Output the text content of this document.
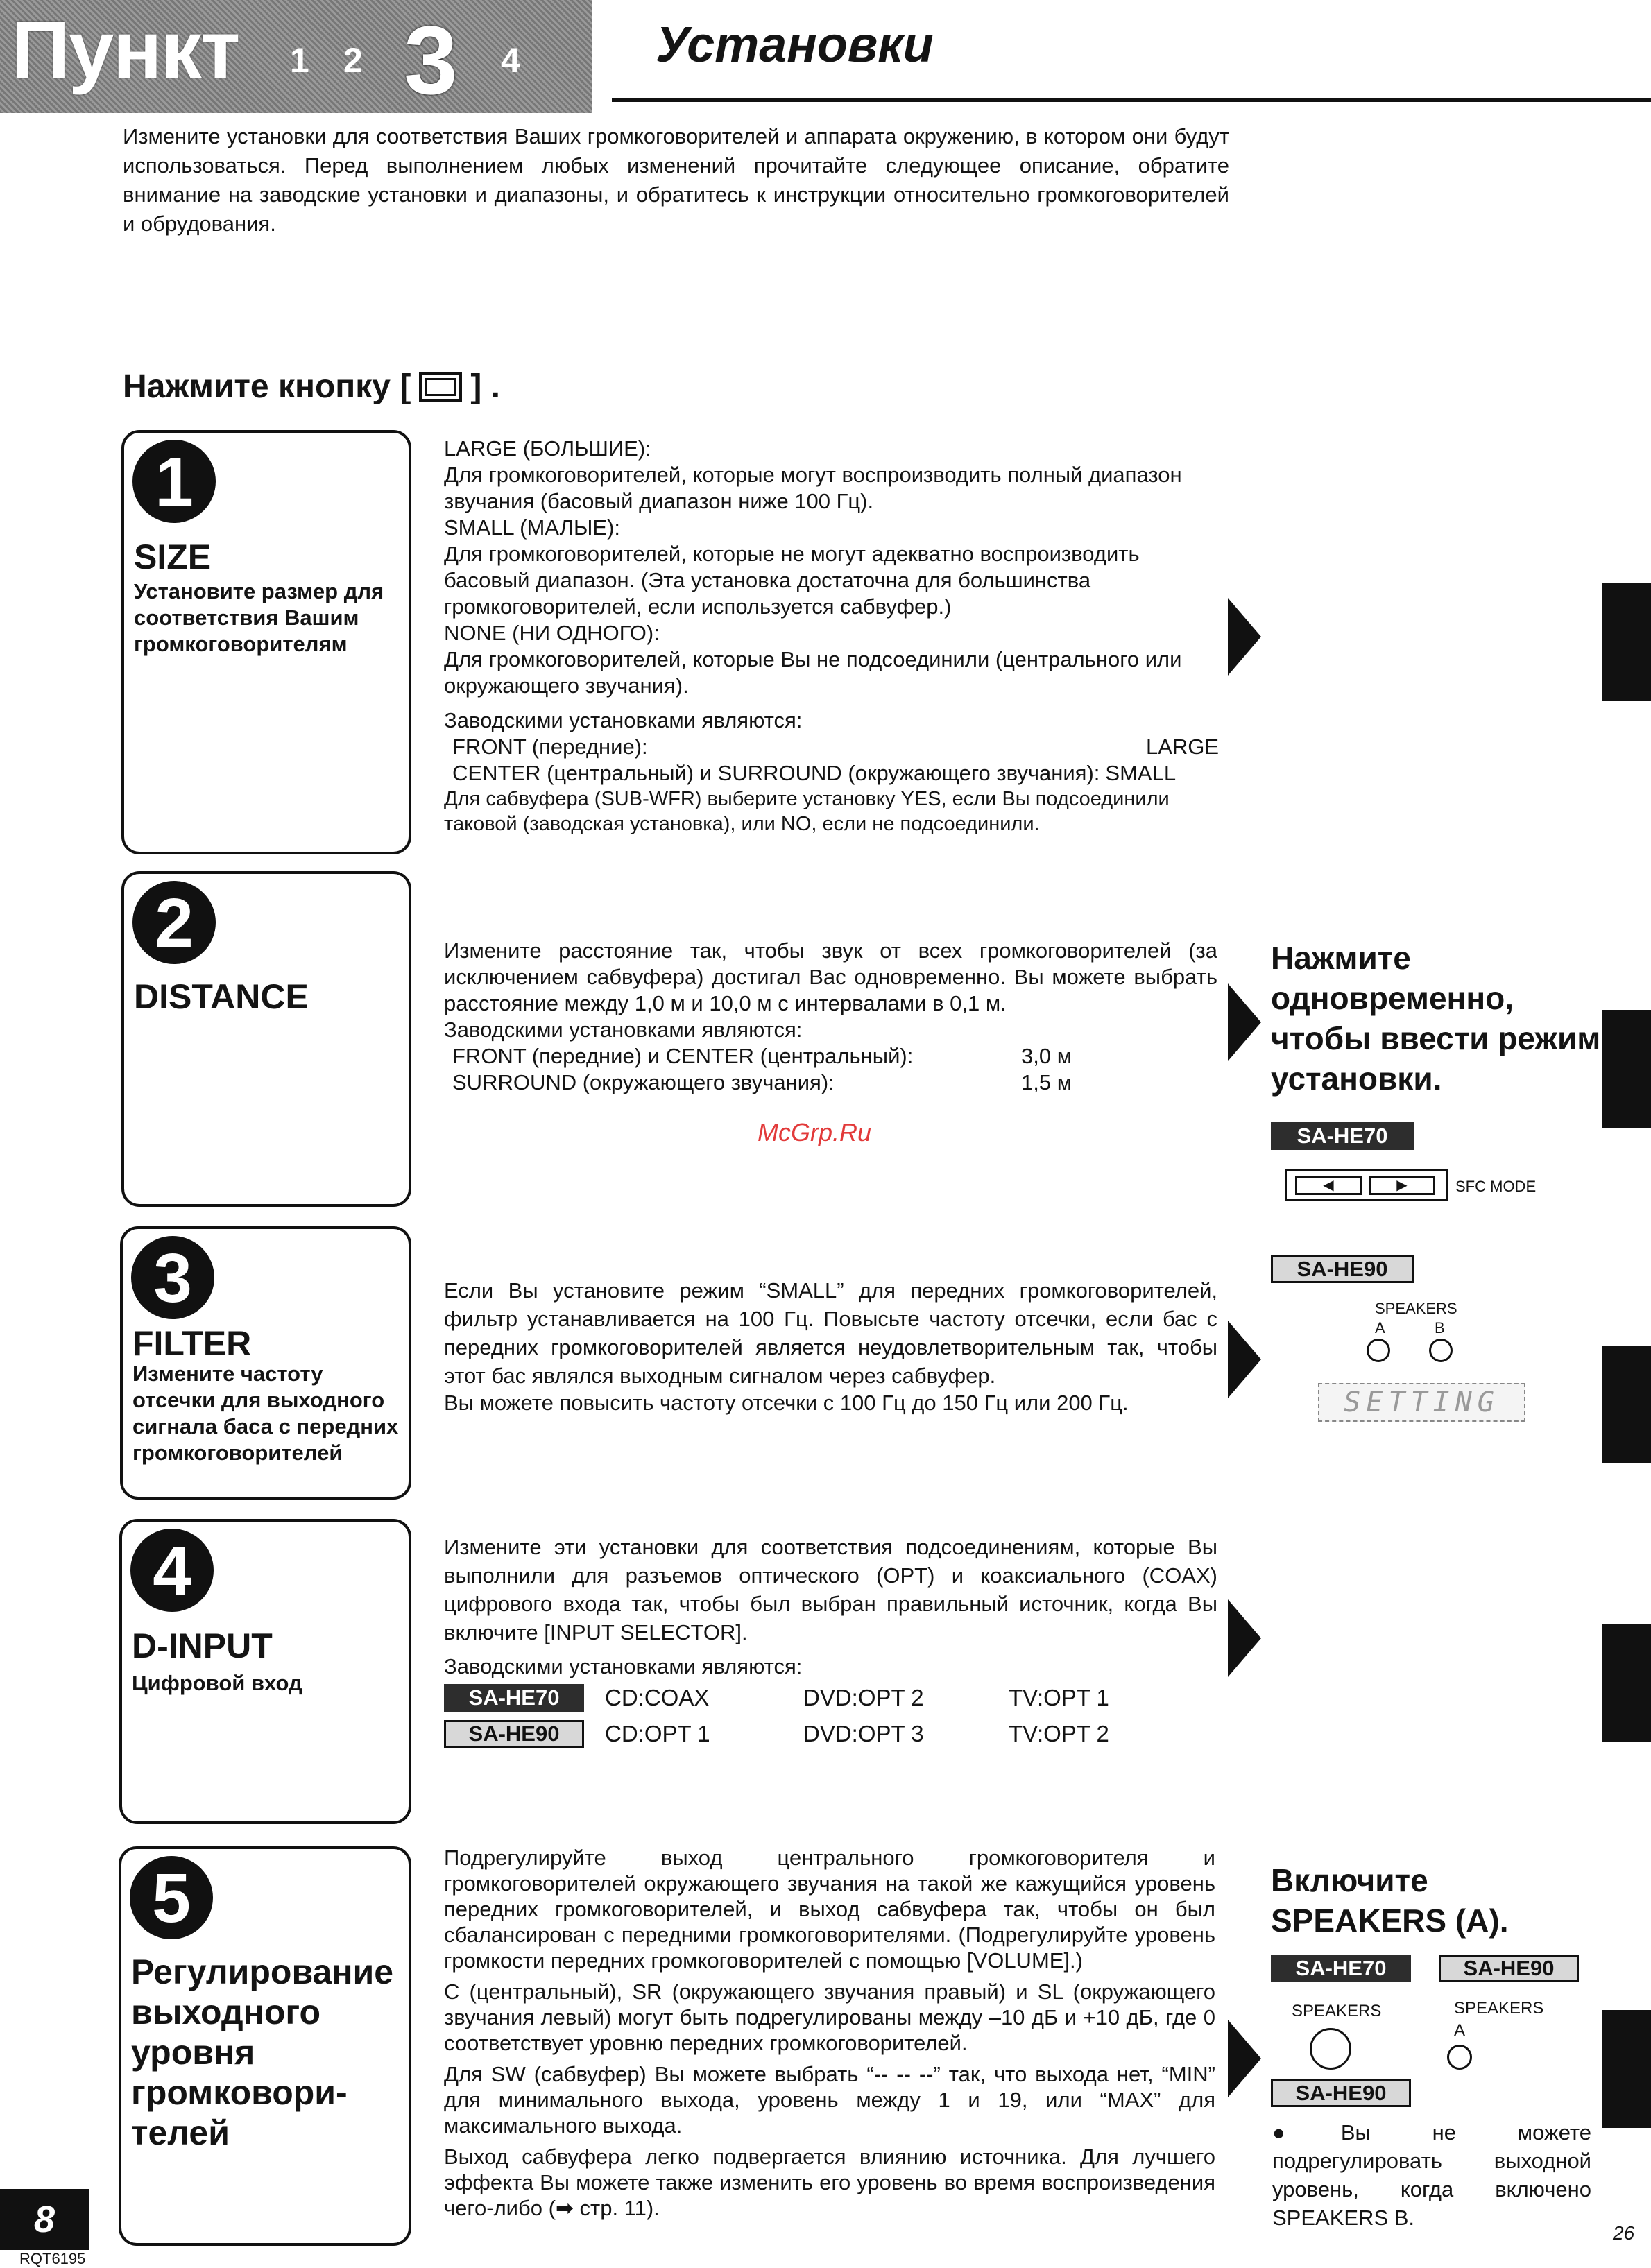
Пункт 1 2 3 4	Установки
Измените установки для соответствия Ваших громкоговорителей и аппарата окружению, в котором они будут использоваться. Перед выполнением любых изменений прочитайте следующее описание, обратите внимание на заводские установки и диапазоны, и обратитесь к инструкции относительно громкоговорителей и обрудования.
Нажмите кнопку [ ] .
1
SIZE
Установите размер для соответствия Вашим громкоговорителям
LARGE (БОЛЬШИЕ):
Для громкоговорителей, которые могут воспроизводить полный диапазон звучания (басовый диапазон ниже 100 Гц).
SMALL (МАЛЫЕ):
Для громкоговорителей, которые не могут адекватно воспроизводить басовый диапазон. (Эта установка достаточна для большинства громкоговорителей, если используется сабвуфер.)
NONE (НИ ОДНОГО):
Для громкоговорителей, которые Вы не подсоединили (центрального или окружающего звучания).
Заводскими установками являются:
FRONT (передние):	LARGE
CENTER (центральный) и SURROUND (окружающего звучания): SMALL
Для сабвуфера (SUB-WFR) выберите установку YES, если Вы подсоединили таковой (заводская установка), или NO, если не подсоединили.
2
DISTANCE
Измените расстояние так, чтобы звук от всех громкоговорителей (за исключением сабвуфера) достигал Вас одновременно. Вы можете выбрать расстояние между 1,0 м и 10,0 м с интервалами в 0,1 м.
Заводскими установками являются:
FRONT (передние) и CENTER (центральный):	3,0 м
SURROUND (окружающего звучания):	1,5 м
McGrp.Ru
Нажмите одновременно, чтобы ввести режим установки.
SA-HE70
◀	▶	SFC MODE
SA-HE90
SPEAKERS
A	B
SETTING
3
FILTER
Измените частоту отсечки для выходного сигнала баса с передних громкоговорителей
Если Вы установите режим “SMALL” для передних громкоговорителей, фильтр устанавливается на 100 Гц. Повысьте частоту отсечки, если бас с передних громкоговорителей является неудовлетворительным так, чтобы этот бас являлся выходным сигналом через сабвуфер.
Вы можете повысить частоту отсечки с 100 Гц до 150 Гц или 200 Гц.
4
D-INPUT
Цифровой вход
Измените эти установки для соответствия подсоединениям, которые Вы выполнили для разъемов оптического (OPT) и коаксиального (COAX) цифрового входа так, чтобы был выбран правильный источник, когда Вы включите [INPUT SELECTOR].
Заводскими установками являются:
SA-HE70	CD:COAX	DVD:OPT 2	TV:OPT 1
SA-HE90	CD:OPT 1	DVD:OPT 3	TV:OPT 2
5
Регулирование выходного уровня громковори-телей
Подрегулируйте выход центрального громкоговорителя и громкоговорителей окружающего звучания на такой же кажущийся уровень передних громкоговорителей, и выход сабвуфера так, чтобы он был сбалансирован с передними громкоговорителями. (Подрегулируйте уровень громкости передних громкоговорителей с помощью [VOLUME].)
C (центральный), SR (окружающего звучания правый) и SL (окружающего звучания левый) могут быть подрегулированы между –10 дБ и +10 дБ, где 0 соответствует уровню передних громкоговорителей.
Для SW (сабвуфер) Вы можете выбрать “-- -- --” так, что выхода нет, “MIN” для минимального выхода, уровень между 1 и 19, или “MAX” для максимального выхода.
Выход сабвуфера легко подвергается влиянию источника. Для лучшего эффекта Вы можете также изменить его уровень во время воспроизведения чего-либо (➡ стр. 11).
Включите SPEAKERS (A).
SA-HE70	SA-HE90
SPEAKERS	SPEAKERS
A
SA-HE90
●Вы не можете подрегулировать выходной уровень, когда включено SPEAKERS B.
8
RQT6195
26
